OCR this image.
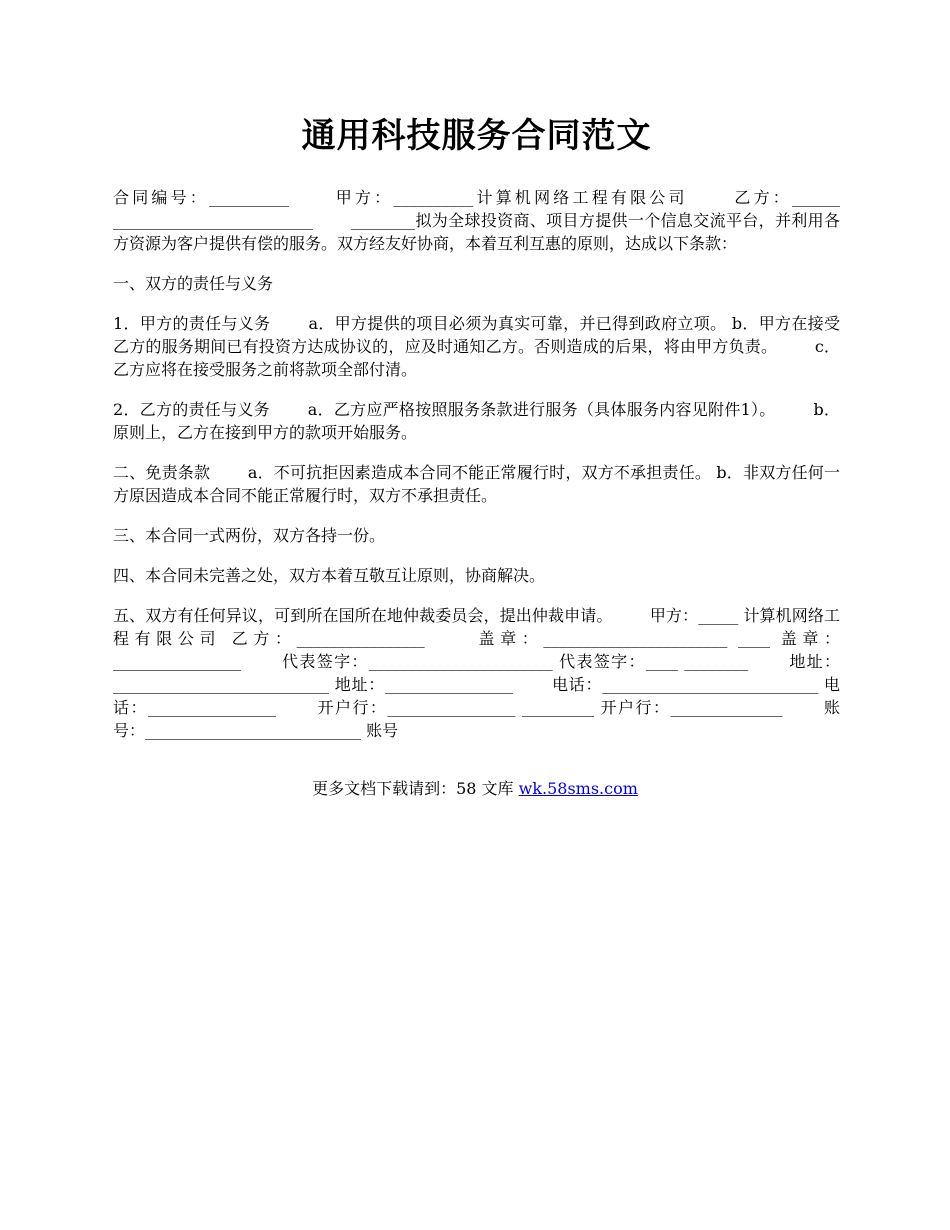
通用科技服务合同范文

合同编号：__________ 　　甲方：__________计算机网络工程有限公司 　　乙方：______ _________________________ 　　________拟为全球投资商、项目方提供一个信息交流平台，并利用各方资源为客户提供有偿的服务。双方经友好协商，本着互利互惠的原则，达成以下条款：

一、双方的责任与义务

1．甲方的责任与义务 　　a．甲方提供的项目必须为真实可靠，并已得到政府立项。 b．甲方在接受乙方的服务期间已有投资方达成协议的，应及时通知乙方。否则造成的后果，将由甲方负责。 　　c．乙方应将在接受服务之前将款项全部付清。

2．乙方的责任与义务 　　a．乙方应严格按照服务条款进行服务（具体服务内容见附件1）。 　　b．原则上，乙方在接到甲方的款项开始服务。

二、免责条款 　　a．不可抗拒因素造成本合同不能正常履行时，双方不承担责任。 b．非双方任何一方原因造成本合同不能正常履行时，双方不承担责任。

三、本合同一式两份，双方各持一份。

四、本合同未完善之处，双方本着互敬互让原则，协商解决。

五、双方有任何异议，可到所在国所在地仲裁委员会，提出仲裁申请。 　　甲方：_____ 计算机网络工程有限公司 乙方：________________ 　　盖章：_______________________ ____ 盖章：________________ 　　代表签字：_______________________ 代表签字：____ ________ 　　地址：___________________________ 地址：________________ 　　电话：___________________________ 电话：________________ 　　开户行：________________ _________ 开户行：______________ 　　账号：___________________________ 账号

更多文档下载请到：58 文库 wk.58sms.com
